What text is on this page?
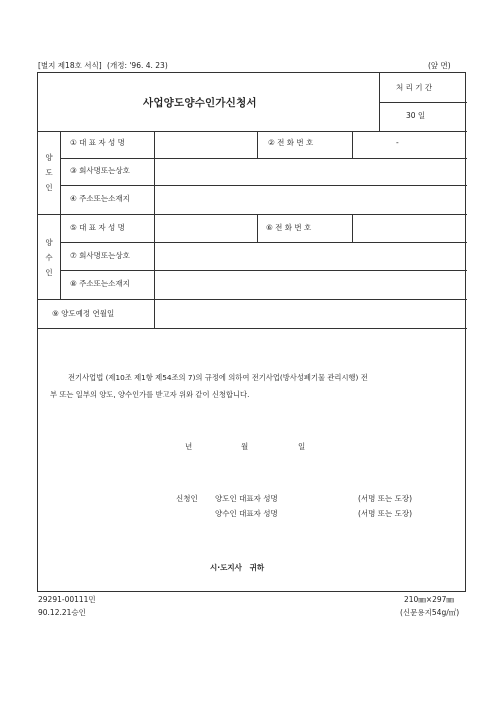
[별지 제18호 서식] (개정: '96. 4. 23)	(앞 면)
사업양도양수인가신청서
처 리 기 간
30 일
양
도
인
① 대 표 자 성 명	② 전 화 번 호	-
③ 회사명또는상호
④ 주소또는소재지
양
수
인
⑤ 대 표 자 성 명	⑥ 전 화 번 호
⑦ 회사명또는상호
⑧ 주소또는소재지
⑨ 양도예정 연월일
전기사업법 (제10조 제1항 제54조의 7)의 규정에 의하여 전기사업(방사성폐기물 관리시행) 전
부 또는 일부의 양도, 양수인가를 받고자 위와 같이 신청합니다.
년	월	일
신청인 양도인 대표자 성명	(서명 또는 도장)
양수인 대표자 성명	(서명 또는 도장)
시·도지사   귀하
29291-00111민
90.12.21승인
210㎜×297㎜
(신문용지54g/㎡)
